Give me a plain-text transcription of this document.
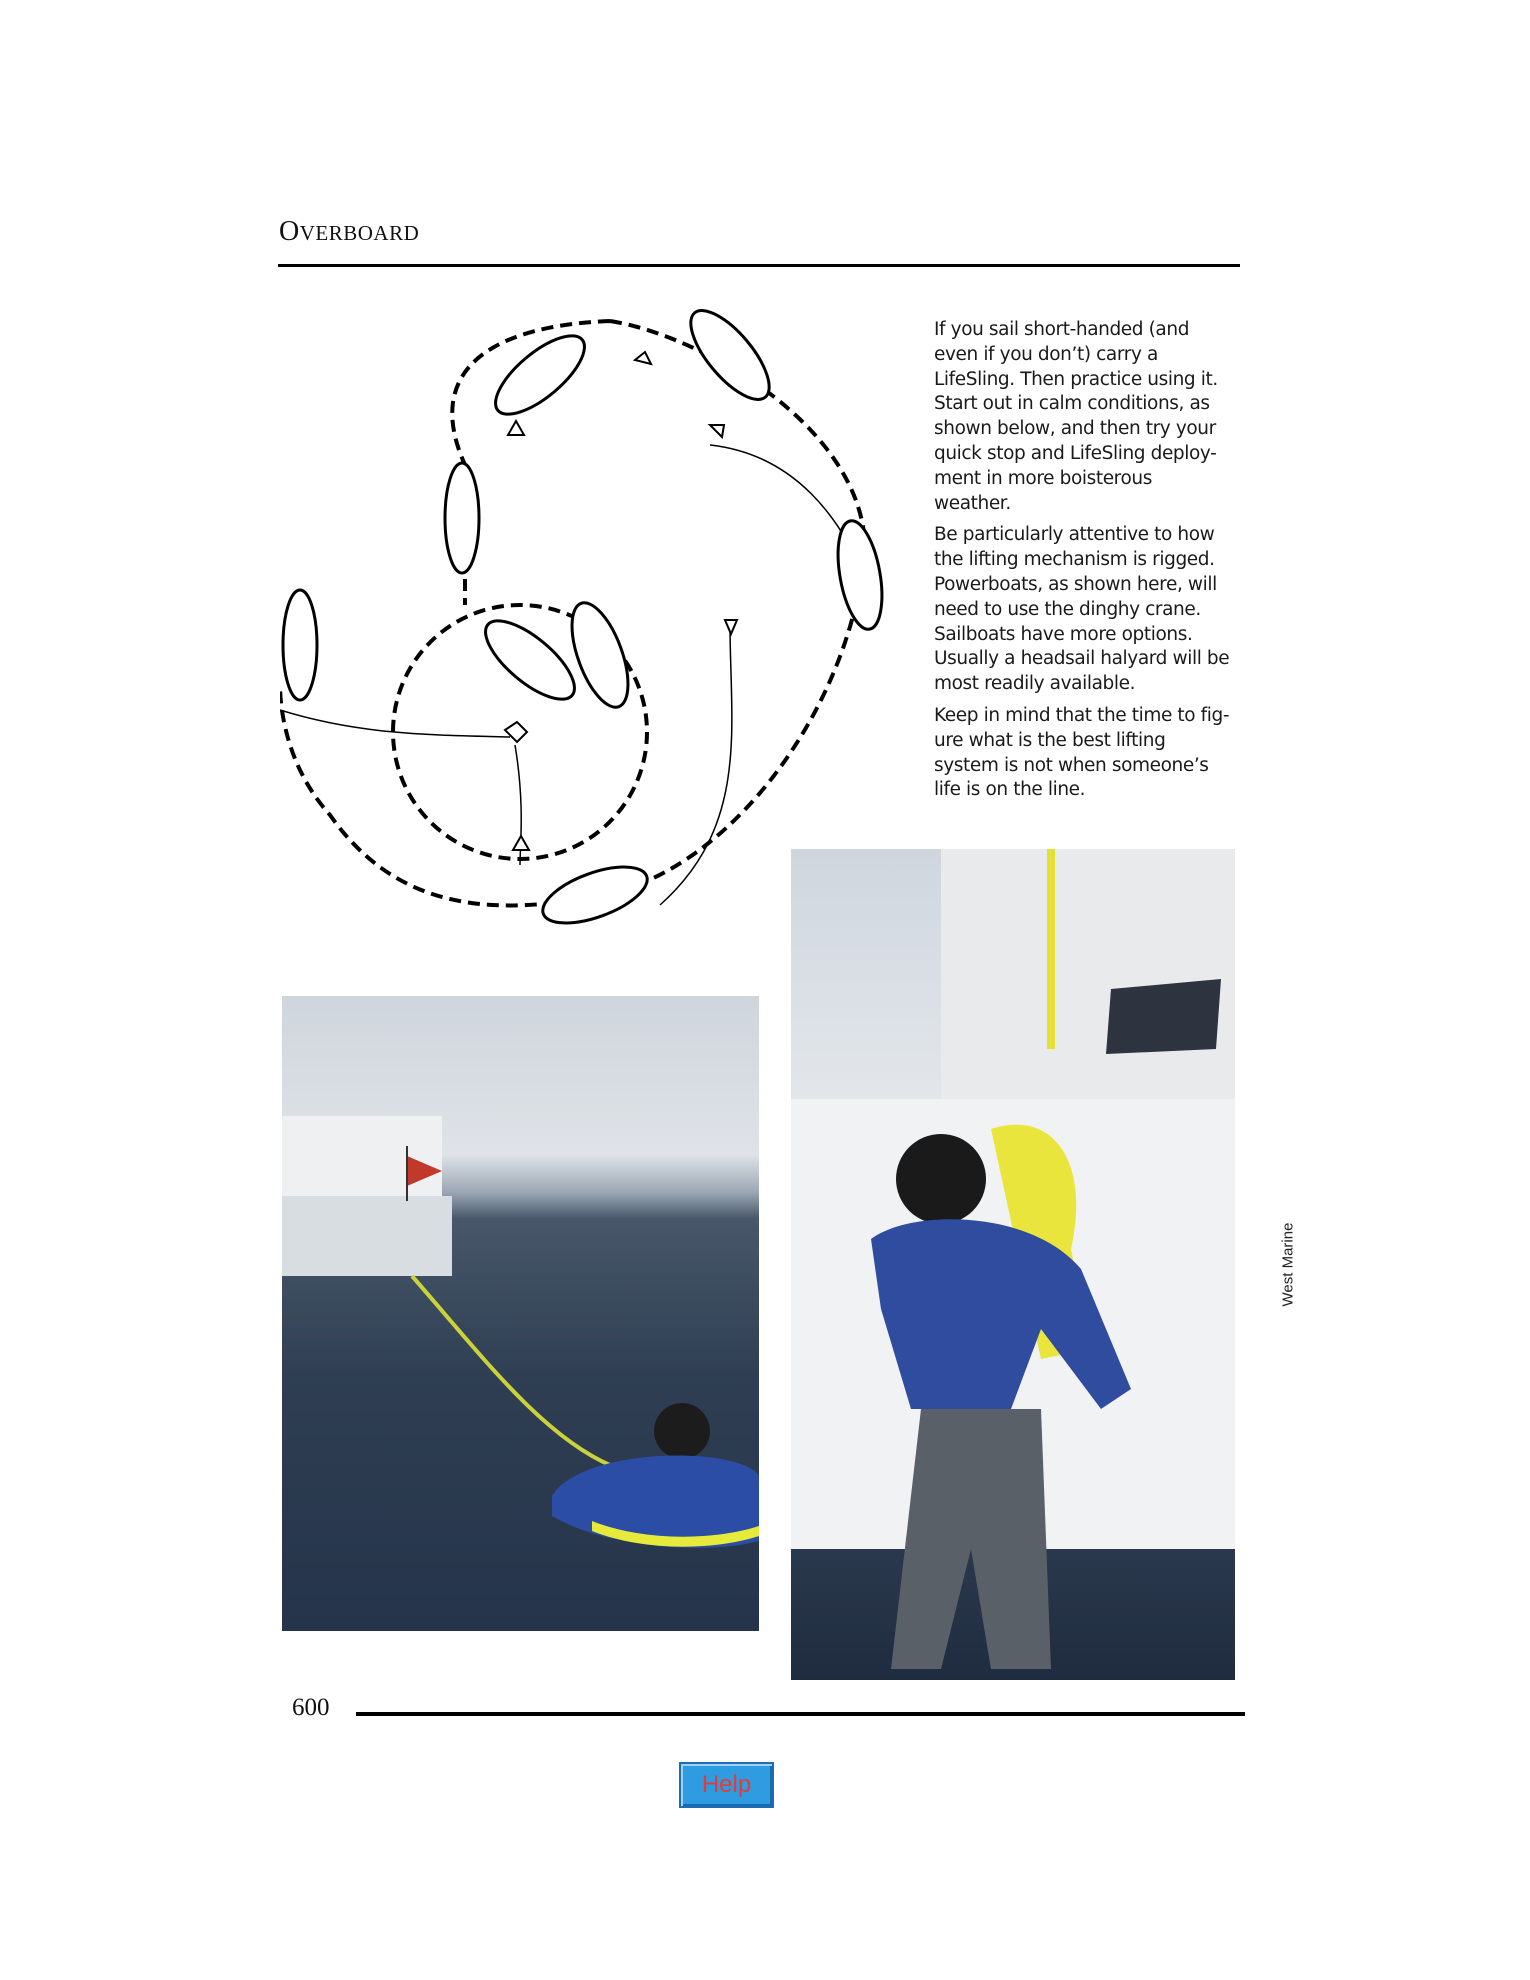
OVERBOARD

If you sail short-handed (and even if you don’t) carry a LifeSling. Then practice using it. Start out in calm conditions, as shown below, and then try your quick stop and LifeSling deploy-ment in more boisterous weather.

Be particularly attentive to how the lifting mechanism is rigged. Powerboats, as shown here, will need to use the dinghy crane. Sailboats have more options. Usually a headsail halyard will be most readily available.

Keep in mind that the time to fig-ure what is the best lifting system is not when someone’s life is on the line.

West Marine
600
Help
